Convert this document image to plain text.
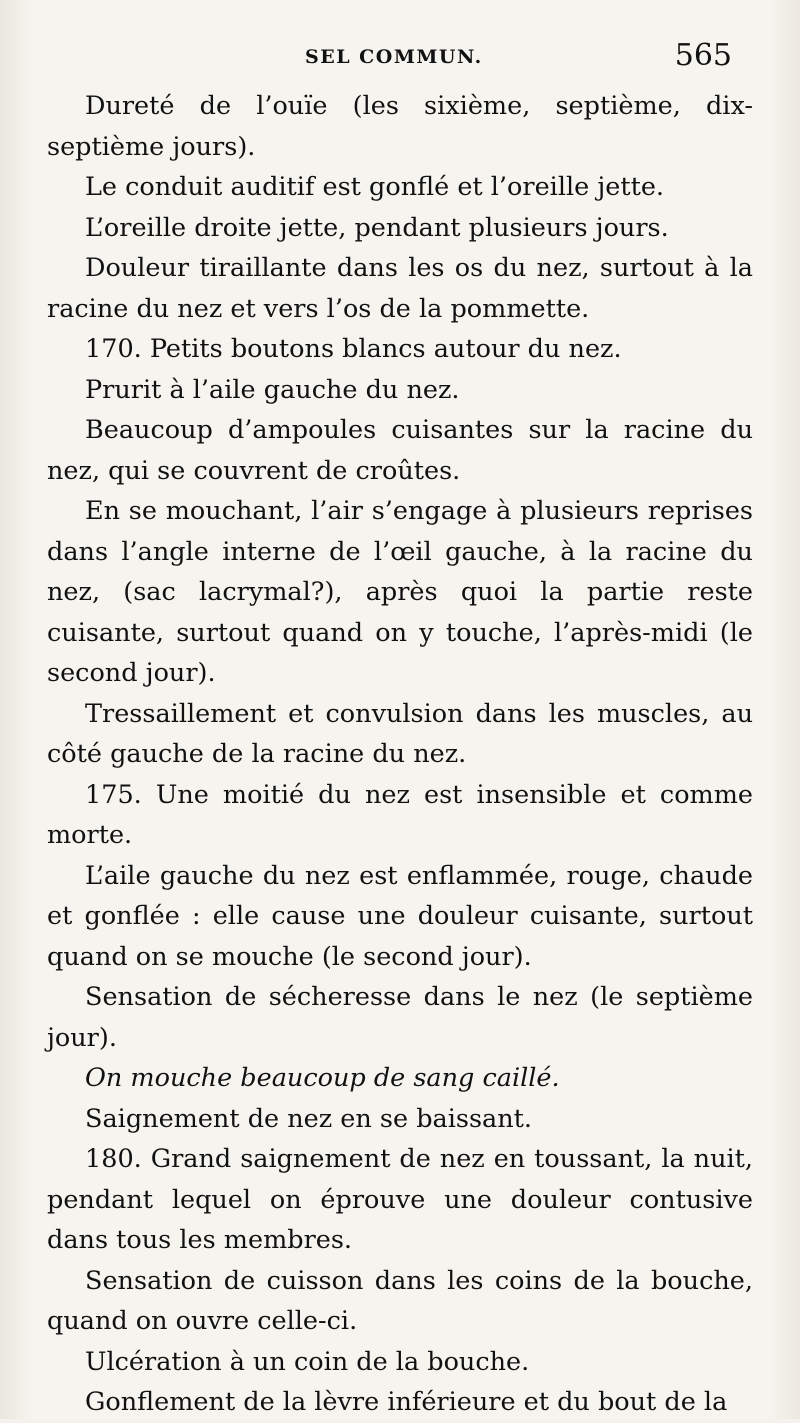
SEL COMMUN.	565

Dureté de l’ouïe (les sixième, septième, dix-septième jours).

Le conduit auditif est gonflé et l’oreille jette.

L’oreille droite jette, pendant plusieurs jours.

Douleur tiraillante dans les os du nez, surtout à la racine du nez et vers l’os de la pommette.

170. Petits boutons blancs autour du nez.

Prurit à l’aile gauche du nez.

Beaucoup d’ampoules cuisantes sur la racine du nez, qui se couvrent de croûtes.

En se mouchant, l’air s’engage à plusieurs reprises dans l’angle interne de l’œil gauche, à la racine du nez, (sac lacrymal?), après quoi la partie reste cuisante, surtout quand on y touche, l’après-midi (le second jour).

Tressaillement et convulsion dans les muscles, au côté gauche de la racine du nez.

175. Une moitié du nez est insensible et comme morte.

L’aile gauche du nez est enflammée, rouge, chaude et gonflée : elle cause une douleur cuisante, surtout quand on se mouche (le second jour).

Sensation de sécheresse dans le nez (le septième jour).

On mouche beaucoup de sang caillé.

Saignement de nez en se baissant.

180. Grand saignement de nez en toussant, la nuit, pendant lequel on éprouve une douleur contusive dans tous les membres.

Sensation de cuisson dans les coins de la bouche, quand on ouvre celle-ci.

Ulcération à un coin de la bouche.

Gonflement de la lèvre inférieure et du bout de la
